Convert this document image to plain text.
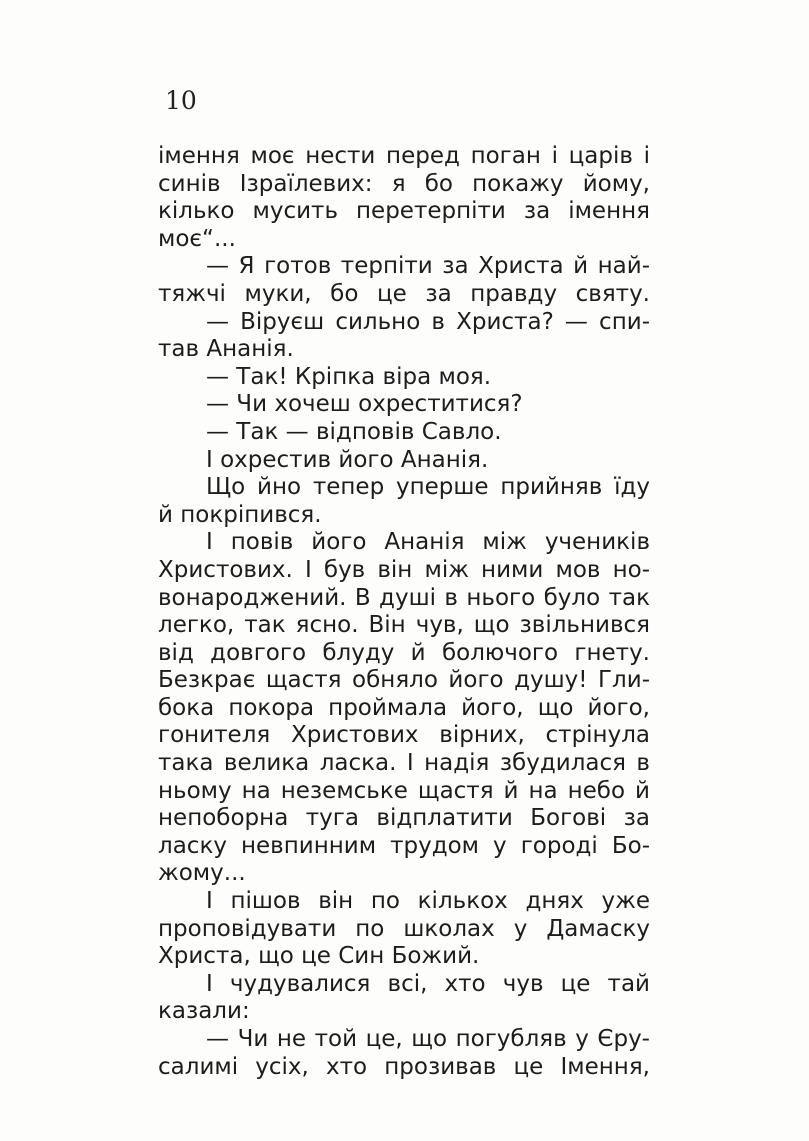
10
імення моє нести перед поган і царів і
синів Ізраїлевих: я бо покажу йому,
кілько мусить перетерпіти за імення
моє“...
— Я готов терпіти за Христа й най-
тяжчі муки, бо це за правду святу.
— Віруєш сильно в Христа? — спи-
тав Ананія.
— Так! Кріпка віра моя.
— Чи хочеш охреститися?
— Так — відповів Савло.
І охрестив його Ананія.
Що йно тепер уперше прийняв їду
й покріпився.
І повів його Ананія між учеників
Христових. І був він між ними мов но-
вонароджений. В душі в нього було так
легко, так ясно. Він чув, що звільнився
від довгого блуду й болючого гнету.
Безкрає щастя обняло його душу! Гли-
бока покора проймала його, що його,
гонителя Христових вірних, стрінула
така велика ласка. І надія збудилася в
ньому на неземське щастя й на небо й
непоборна туга відплатити Богові за
ласку невпинним трудом у городі Бо-
жому...
І пішов він по кількох днях уже
проповідувати по школах у Дамаску
Христа, що це Син Божий.
І чудувалися всі, хто чув це тай
казали:
— Чи не той це, що погубляв у Єру-
салимі усіх, хто прозивав це Імення,
